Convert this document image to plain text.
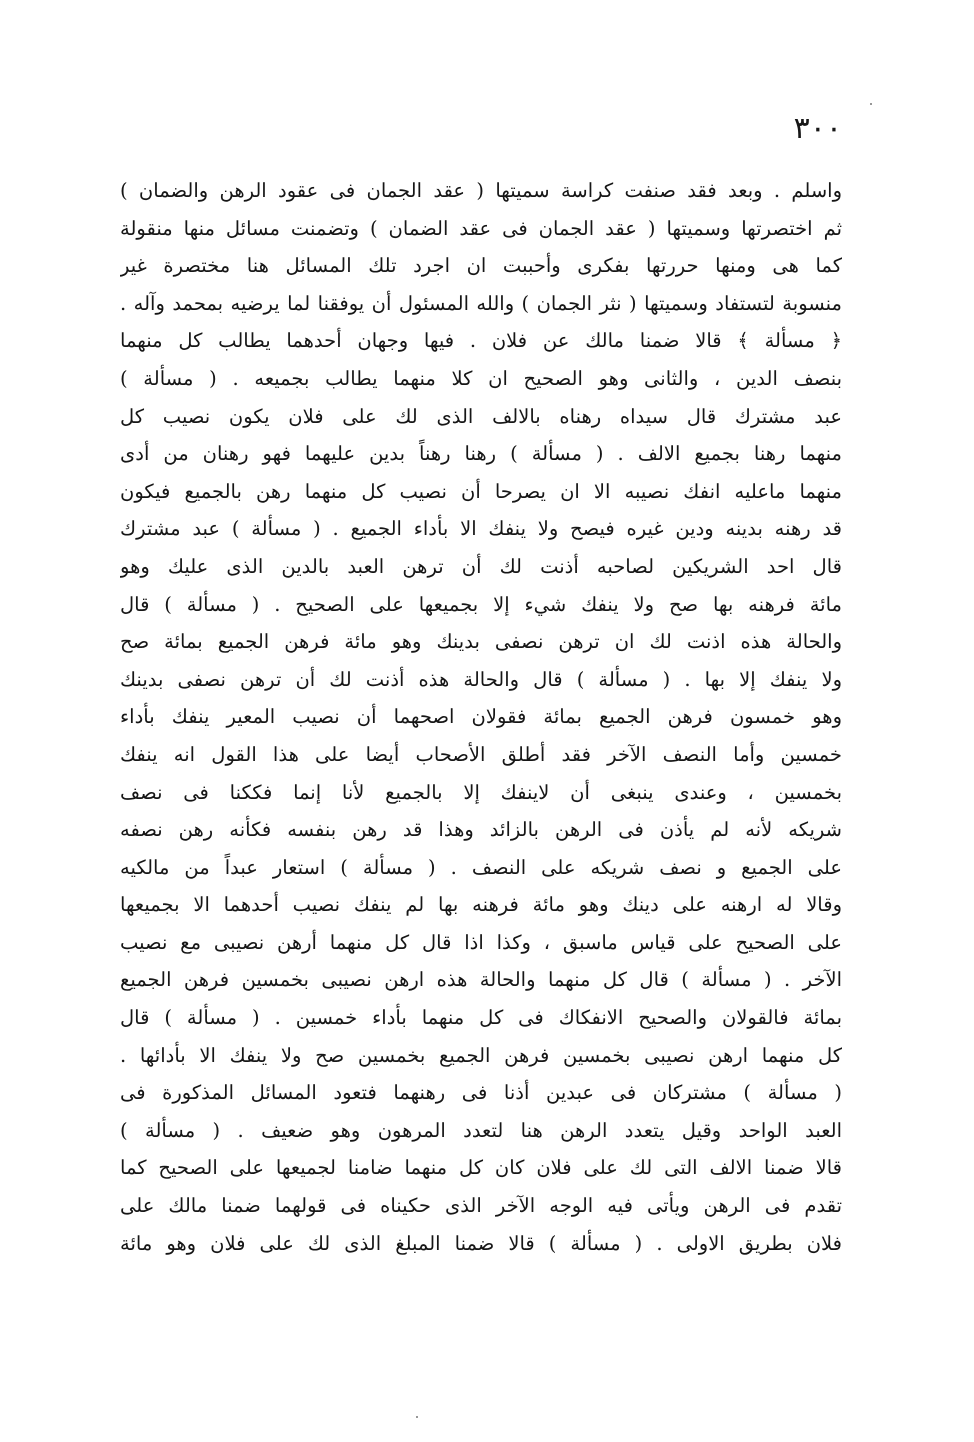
٣٠٠
واسلم . وبعد فقد صنفت كراسة سميتها ( عقد الجمان فى عقود الرهن والضمان )
ثم اختصرتها وسميتها ( عقد الجمان فى عقد الضمان ) وتضمنت مسائل منها منقولة
كما هى ومنها حررتها بفكرى وأحببت ان اجرد تلك المسائل هنا مختصرة غير
منسوبة لتستفاد وسميتها ( نثر الجمان ) والله المسئول أن يوفقنا لما يرضيه بمحمد وآله .
﴿ مسألة ﴾ قالا ضمنا مالك عن فلان . فيها وجهان أحدهما يطالب كل منهما
بنصف الدين ، والثانى وهو الصحيح ان كلا منهما يطالب بجميعه . ( مسألة )
عبد مشترك قال سيداه رهناه بالالف الذى لك على فلان يكون نصيب كل
منهما رهنا بجميع الالف . ( مسألة ) رهنا رهناً بدين عليهما فهو رهنان من أدى
منهما ماعليه انفك نصيبه الا ان يصرحا أن نصيب كل منهما رهن بالجميع فيكون
قد رهنه بدينه ودين غيره فيصح ولا ينفك الا بأداء الجميع . ( مسألة ) عبد مشترك
قال احد الشريكين لصاحبه أذنت لك أن ترهن العبد بالدين الذى عليك وهو
مائة فرهنه بها صح ولا ينفك شيء إلا بجميعها على الصحيح . ( مسألة ) قال
والحالة هذه اذنت لك ان ترهن نصفى بدينك وهو مائة فرهن الجميع بمائة صح
ولا ينفك إلا بها . ( مسألة ) قال والحالة هذه أذنت لك أن ترهن نصفى بدينك
وهو خمسون فرهن الجميع بمائة فقولان اصحهما أن نصيب المعير ينفك بأداء
خمسين وأما النصف الآخر فقد أطلق الأصحاب أيضا على هذا القول انه ينفك
بخمسين ، وعندى ينبغى أن لاينفك إلا بالجميع لأنا إنما فككنا فى نصف
شريكه لأنه لم يأذن فى الرهن بالزائد وهذا قد رهن بنفسه فكأنه رهن نصفه
على الجميع و نصف شريكه على النصف . ( مسألة ) استعار عبداً من مالكيه
وقالا له ارهنه على دينك وهو مائة فرهنه بها لم ينفك نصيب أحدهما الا بجميعها
على الصحيح على قياس ماسبق ، وكذا اذا قال كل منهما أرهن نصيبى مع نصيب
الآخر . ( مسألة ) قال كل منهما والحالة هذه ارهن نصيبى بخمسين فرهن الجميع
بمائة فالقولان والصحيح الانفكاك فى كل منهما بأداء خمسين . ( مسألة ) قال
كل منهما ارهن نصيبى بخمسين فرهن الجميع بخمسين صح ولا ينفك الا بأدائها .
( مسألة ) مشتركان فى عبدين أذنا فى رهنهما فتعود المسائل المذكورة فى
العبد الواحد وقيل يتعدد الرهن هنا لتعدد المرهون وهو ضعيف . ( مسألة )
قالا ضمنا الالف التى لك على فلان كان كل منهما ضامنا لجميعها على الصحيح كما
تقدم فى الرهن ويأتى فيه الوجه الآخر الذى حكيناه فى قولهما ضمنا مالك على
فلان بطريق الاولى . ( مسألة ) قالا ضمنا المبلغ الذى لك على فلان وهو مائة
